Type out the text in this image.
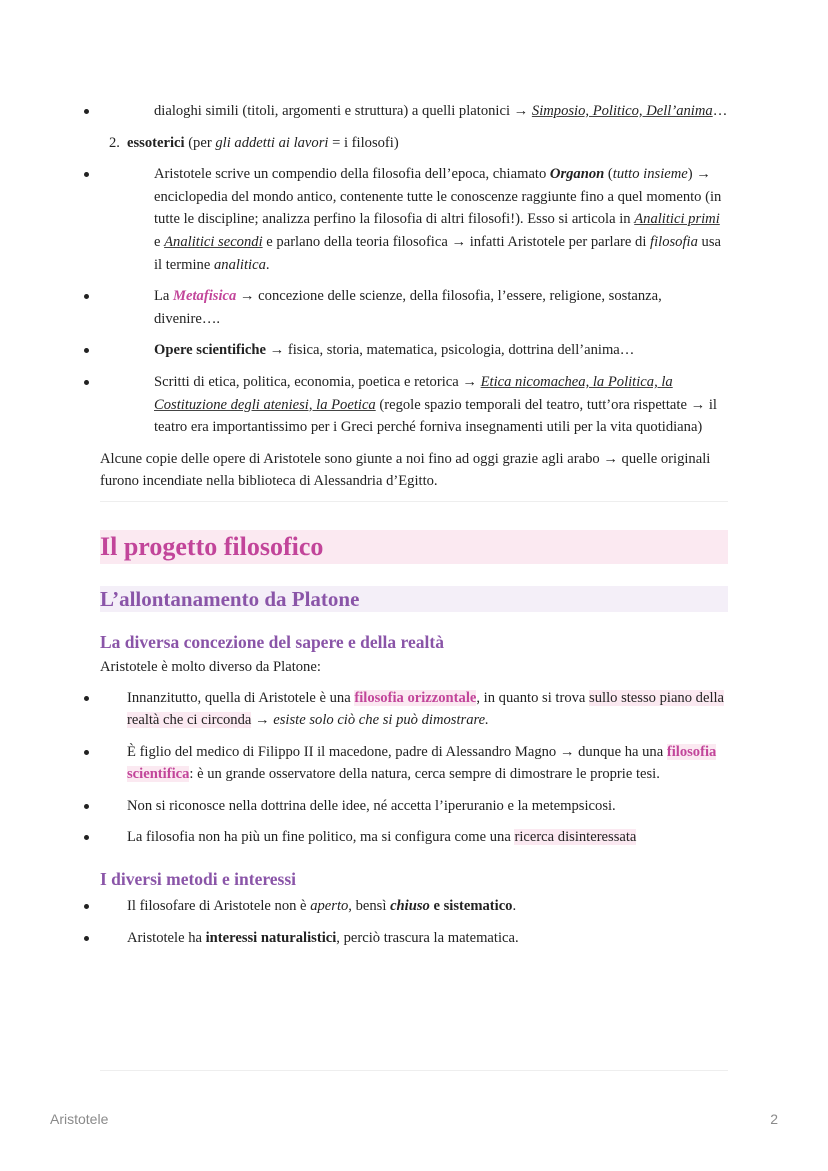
dialoghi simili (titoli, argomenti e struttura) a quelli platonici → Simposio, Politico, Dell’anima…
2. essoterici (per gli addetti ai lavori = i filosofi)
Aristotele scrive un compendio della filosofia dell’epoca, chiamato Organon (tutto insieme) → enciclopedia del mondo antico, contenente tutte le conoscenze raggiunte fino a quel momento (in tutte le discipline; analizza perfino la filosofia di altri filosofi!). Esso si articola in Analitici primi e Analitici secondi e parlano della teoria filosofica → infatti Aristotele per parlare di filosofia usa il termine analitica.
La Metafisica → concezione delle scienze, della filosofia, l’essere, religione, sostanza, divenire….
Opere scientifiche → fisica, storia, matematica, psicologia, dottrina dell’anima…
Scritti di etica, politica, economia, poetica e retorica → Etica nicomachea, la Politica, la Costituzione degli ateniesi, la Poetica (regole spazio temporali del teatro, tutt’ora rispettate → il teatro era importantissimo per i Greci perché forniva insegnamenti utili per la vita quotidiana)

Alcune copie delle opere di Aristotele sono giunte a noi fino ad oggi grazie agli arabo → quelle originali furono incendiate nella biblioteca di Alessandria d’Egitto.

Il progetto filosofico
L’allontanamento da Platone
La diversa concezione del sapere e della realtà

Aristotele è molto diverso da Platone:

Innanzitutto, quella di Aristotele è una filosofia orizzontale, in quanto si trova sullo stesso piano della realtà che ci circonda → esiste solo ciò che si può dimostrare.
È figlio del medico di Filippo II il macedone, padre di Alessandro Magno → dunque ha una filosofia scientifica: è un grande osservatore della natura, cerca sempre di dimostrare le proprie tesi.
Non si riconosce nella dottrina delle idee, né accetta l’iperuranio e la metempsicosi.
La filosofia non ha più un fine politico, ma si configura come una ricerca disinteressata
I diversi metodi e interessi
Il filosofare di Aristotele non è aperto, bensì chiuso e sistematico.
Aristotele ha interessi naturalistici, perciò trascura la matematica.
Aristotele	2
